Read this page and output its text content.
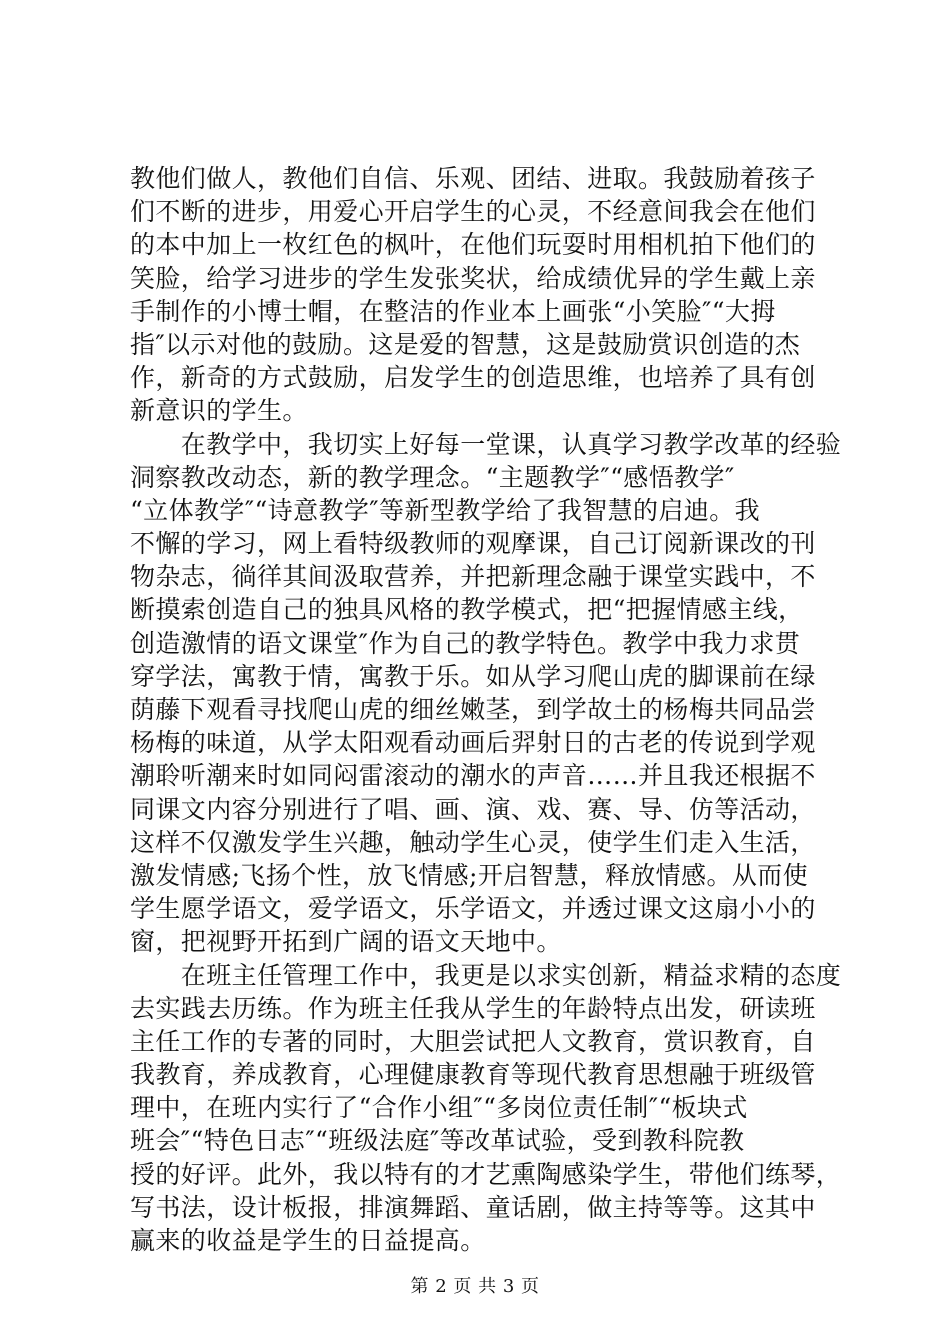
教他们做人，教他们自信、乐观、团结、进取。我鼓励着孩子
们不断的进步，用爱心开启学生的心灵，不经意间我会在他们
的本中加上一枚红色的枫叶，在他们玩耍时用相机拍下他们的
笑脸，给学习进步的学生发张奖状，给成绩优异的学生戴上亲
手制作的小博士帽，在整洁的作业本上画张“小笑脸″“大拇
指″以示对他的鼓励。这是爱的智慧，这是鼓励赏识创造的杰
作，新奇的方式鼓励，启发学生的创造思维，也培养了具有创
新意识的学生。
　　在教学中，我切实上好每一堂课，认真学习教学改革的经验
洞察教改动态，新的教学理念。“主题教学″“感悟教学″
“立体教学″“诗意教学″等新型教学给了我智慧的启迪。我
不懈的学习，网上看特级教师的观摩课，自己订阅新课改的刊
物杂志，徜徉其间汲取营养，并把新理念融于课堂实践中，不
断摸索创造自己的独具风格的教学模式，把“把握情感主线，
创造激情的语文课堂″作为自己的教学特色。教学中我力求贯
穿学法，寓教于情，寓教于乐。如从学习爬山虎的脚课前在绿
荫藤下观看寻找爬山虎的细丝嫩茎，到学故土的杨梅共同品尝
杨梅的味道，从学太阳观看动画后羿射日的古老的传说到学观
潮聆听潮来时如同闷雷滚动的潮水的声音……并且我还根据不
同课文内容分别进行了唱、画、演、戏、赛、导、仿等活动，
这样不仅激发学生兴趣，触动学生心灵，使学生们走入生活，
激发情感;飞扬个性，放飞情感;开启智慧，释放情感。从而使
学生愿学语文，爱学语文，乐学语文，并透过课文这扇小小的
窗，把视野开拓到广阔的语文天地中。
　　在班主任管理工作中，我更是以求实创新，精益求精的态度
去实践去历练。作为班主任我从学生的年龄特点出发，研读班
主任工作的专著的同时，大胆尝试把人文教育，赏识教育，自
我教育，养成教育，心理健康教育等现代教育思想融于班级管
理中，在班内实行了“合作小组″“多岗位责任制″“板块式
班会″“特色日志″“班级法庭″等改革试验，受到教科院教
授的好评。此外，我以特有的才艺熏陶感染学生，带他们练琴，
写书法，设计板报，排演舞蹈、童话剧，做主持等等。这其中
赢来的收益是学生的日益提高。
第 2 页 共 3 页
